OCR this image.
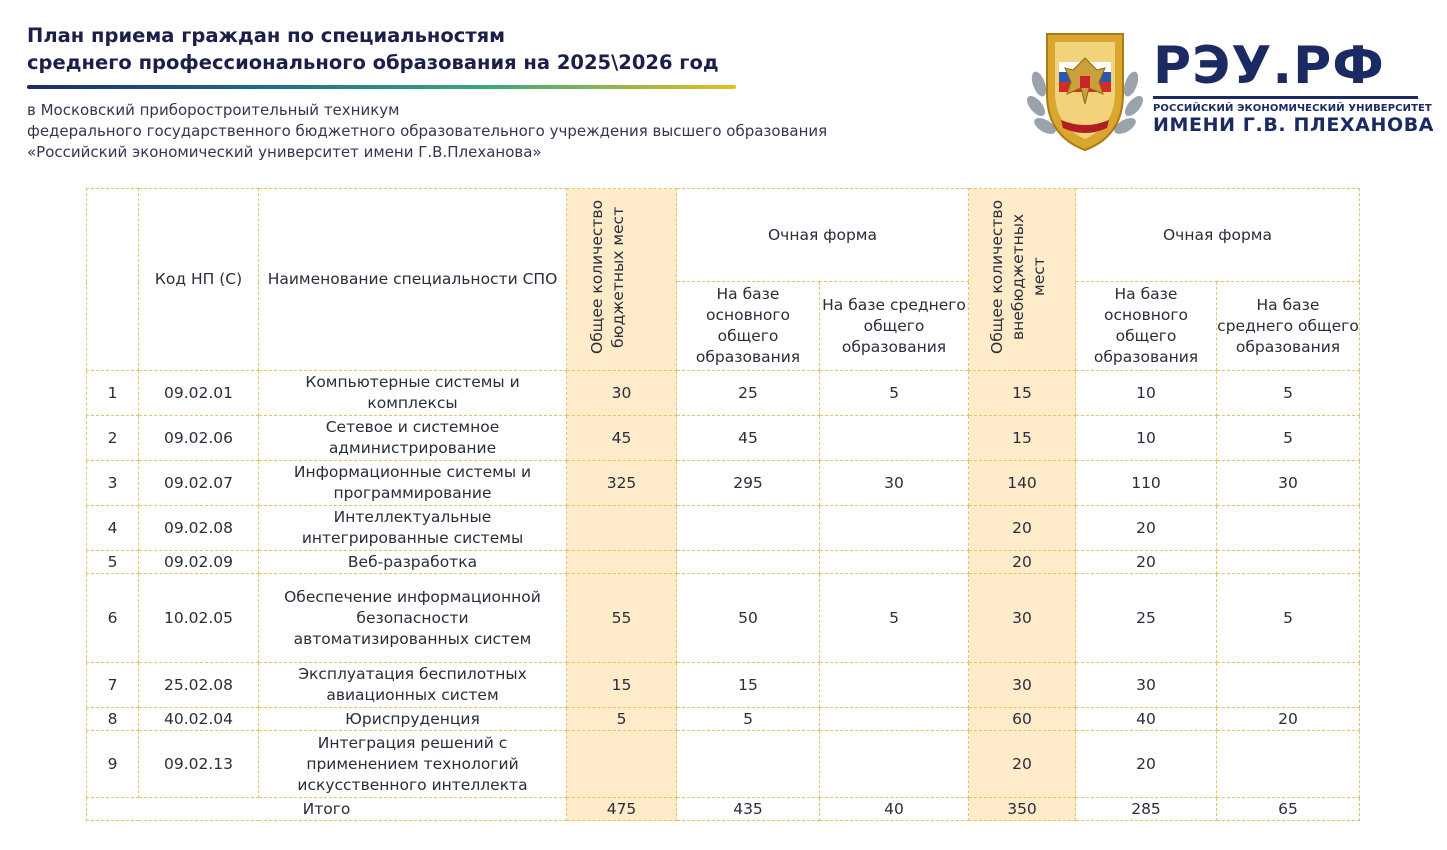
План приема граждан по специальностям
среднего профессионального образования на 2025\2026 год
в Московский приборостроительный техникум
федерального государственного бюджетного образовательного учреждения высшего образования
«Российский экономический университет имени Г.В.Плеханова»
РЭУ.РФ
РОССИЙСКИЙ ЭКОНОМИЧЕСКИЙ УНИВЕРСИТЕТ
ИМЕНИ Г.В. ПЛЕХАНОВА
	Код НП (С)	Наименование специальности СПО	Общее количество бюджетных мест	Очная форма		Общее количество внебюджетных мест	Очная форма	
				На базе основного общего образования	На базе среднего общего образования		На базе основного общего образования	На базе среднего общего образования
1	09.02.01	Компьютерные системы и комплексы	30	25	5	15	10	5
2	09.02.06	Сетевое и системное администрирование	45	45		15	10	5
3	09.02.07	Информационные системы и программирование	325	295	30	140	110	30
4	09.02.08	Интеллектуальные интегрированные системы				20	20	
5	09.02.09	Веб-разработка				20	20	
6	10.02.05	Обеспечение информационной безопасности автоматизированных систем	55	50	5	30	25	5
7	25.02.08	Эксплуатация беспилотных авиационных систем	15	15		30	30	
8	40.02.04	Юриспруденция	5	5		60	40	20
9	09.02.13	Интеграция решений с применением технологий искусственного интеллекта				20	20	
Итого			475	435	40	350	285	65
